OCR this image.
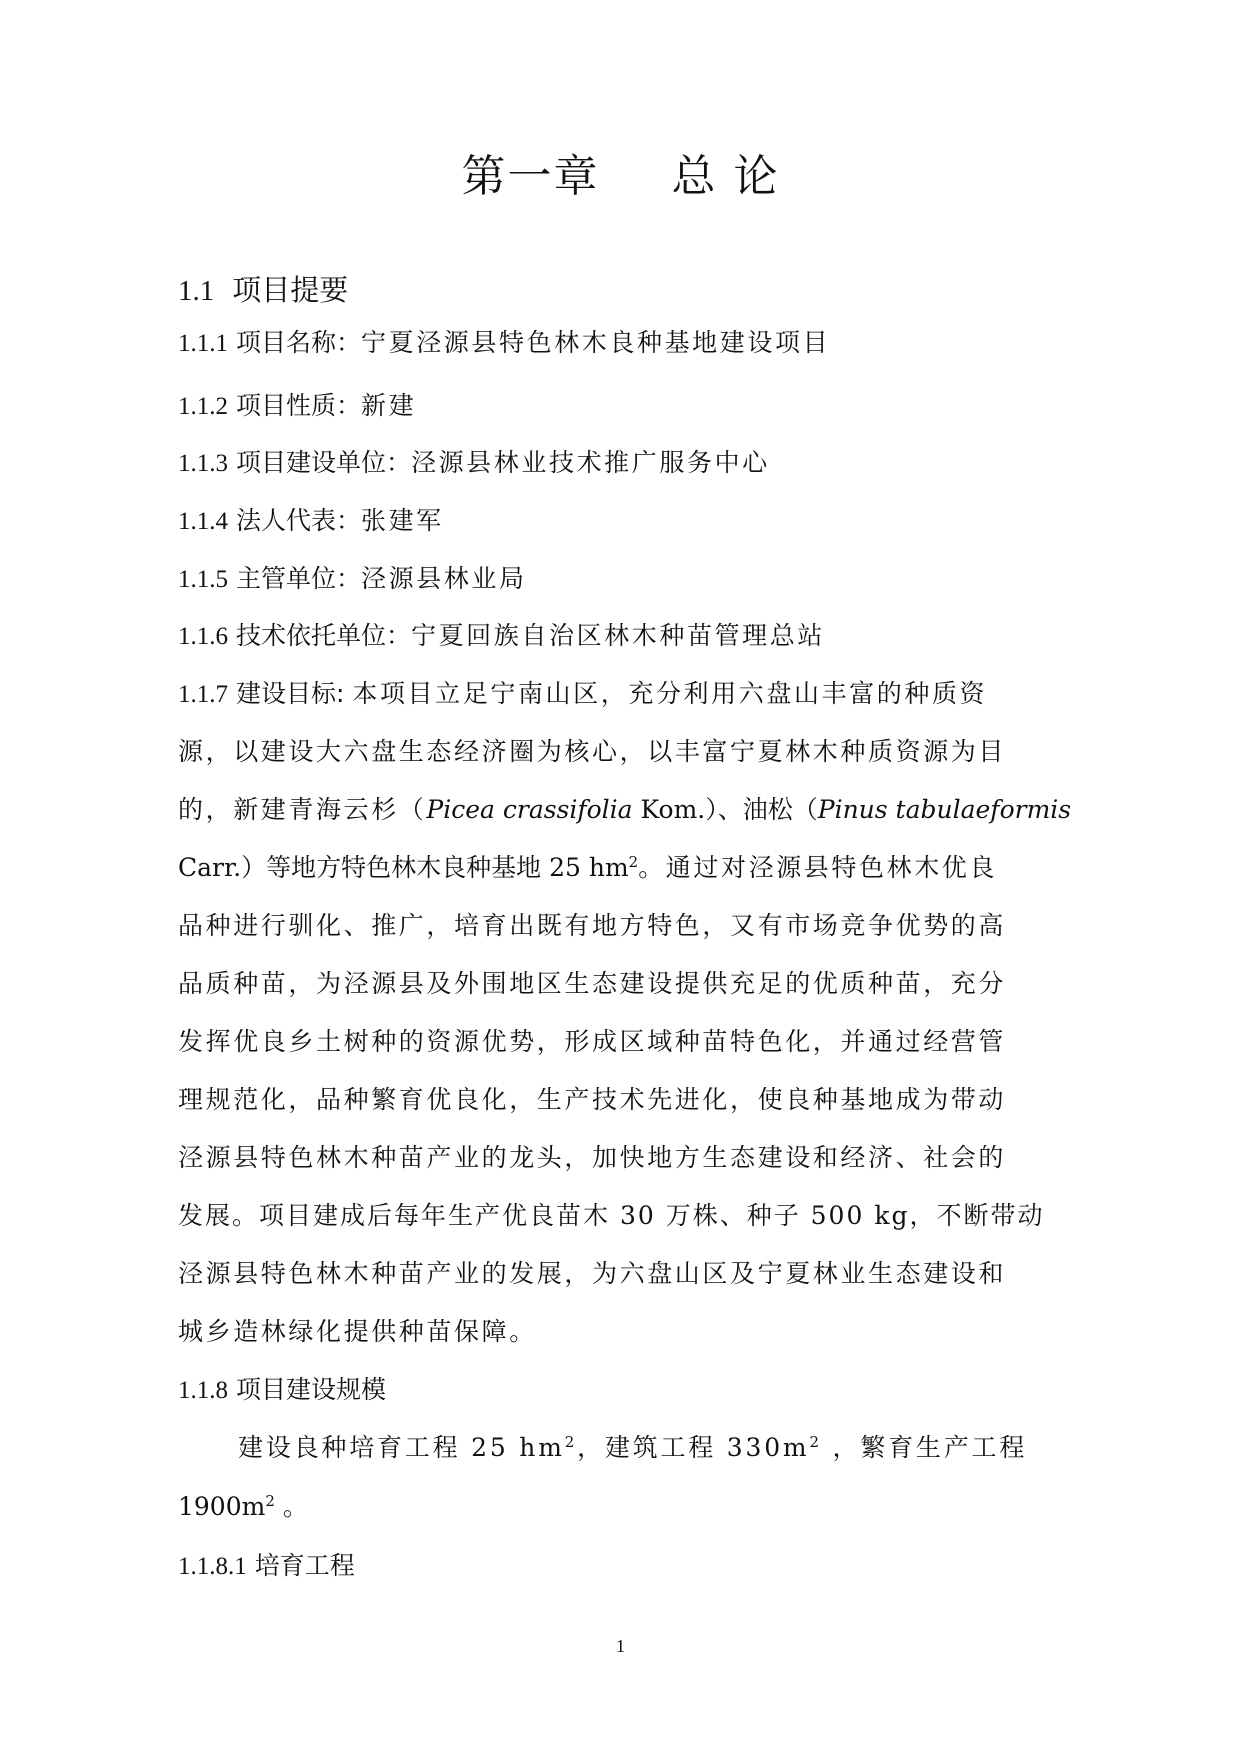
第一章 总 论
1.1 项目提要
1.1.1 项目名称：宁夏泾源县特色林木良种基地建设项目
1.1.2 项目性质：新建
1.1.3 项目建设单位：泾源县林业技术推广服务中心
1.1.4 法人代表：张建军
1.1.5 主管单位：泾源县林业局
1.1.6 技术依托单位：宁夏回族自治区林木种苗管理总站
1.1.7 建设目标: 本项目立足宁南山区，充分利用六盘山丰富的种质资
源，以建设大六盘生态经济圈为核心，以丰富宁夏林木种质资源为目
的，新建青海云杉（Picea crassifolia Kom.）、油松（Pinus tabulaeformis
Carr.）等地方特色林木良种基地 25 $hm^2$。通过对泾源县特色林木优良
品种进行驯化、推广，培育出既有地方特色，又有市场竞争优势的高
品质种苗，为泾源县及外围地区生态建设提供充足的优质种苗，充分
发挥优良乡土树种的资源优势，形成区域种苗特色化，并通过经营管
理规范化，品种繁育优良化，生产技术先进化，使良种基地成为带动
泾源县特色林木种苗产业的龙头，加快地方生态建设和经济、社会的
发展。项目建成后每年生产优良苗木 30 万株、种子 500 kg，不断带动
泾源县特色林木种苗产业的发展，为六盘山区及宁夏林业生态建设和
城乡造林绿化提供种苗保障。
1.1.8 项目建设规模
建设良种培育工程 25 $hm^2$，建筑工程 $330m^2$ ，繁育生产工程
$1900m^2$ 。
1.1.8.1 培育工程
1
